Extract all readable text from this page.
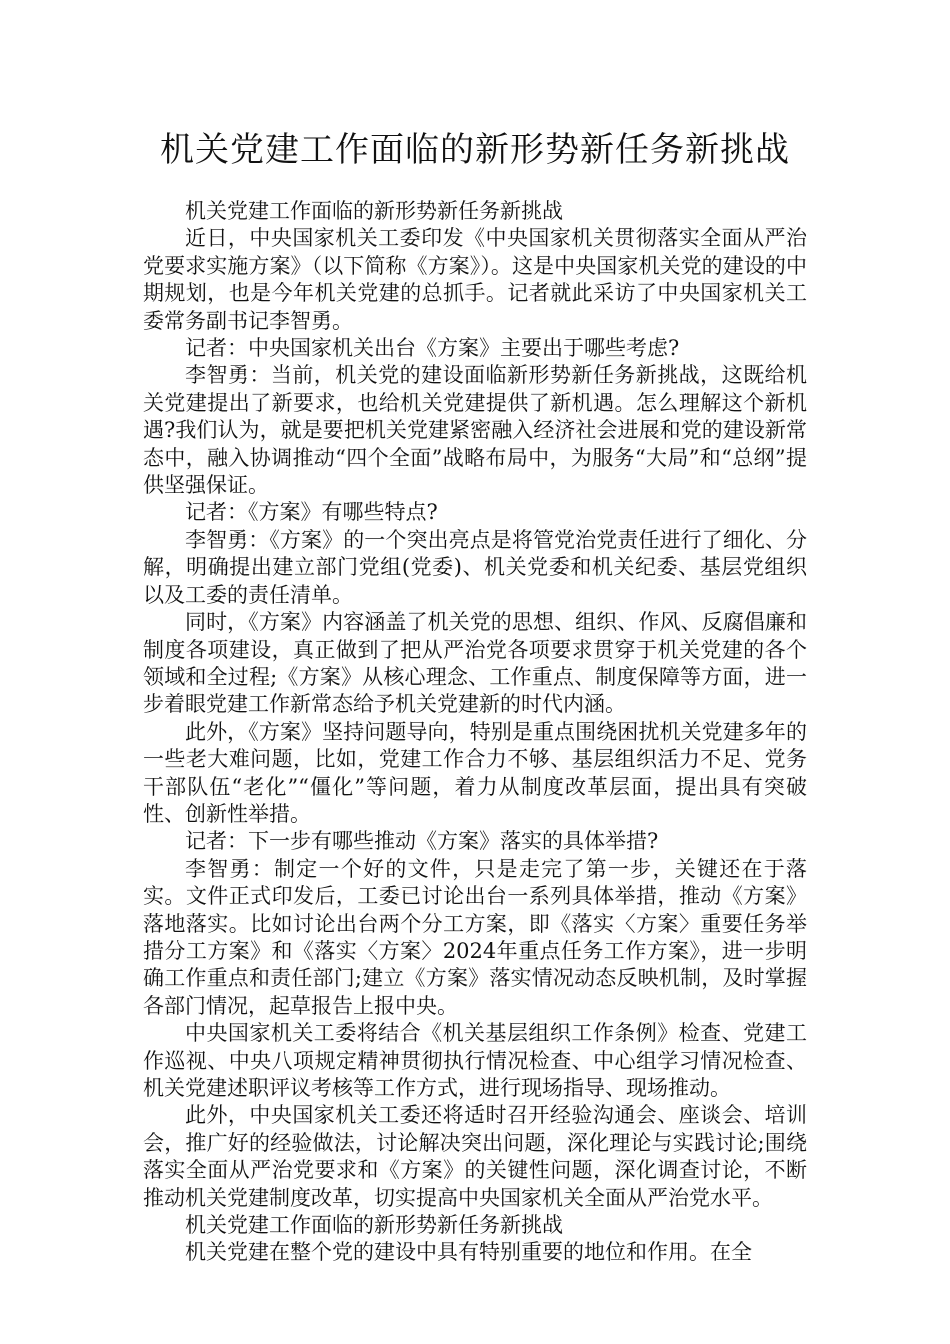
机关党建工作面临的新形势新任务新挑战

机关党建工作面临的新形势新任务新挑战

近日，中央国家机关工委印发《中央国家机关贯彻落实全面从严治党要求实施方案》（以下简称《方案》）。这是中央国家机关党的建设的中期规划，也是今年机关党建的总抓手。记者就此采访了中央国家机关工委常务副书记李智勇。

记者：中央国家机关出台《方案》主要出于哪些考虑?

李智勇：当前，机关党的建设面临新形势新任务新挑战，这既给机关党建提出了新要求，也给机关党建提供了新机遇。怎么理解这个新机遇?我们认为，就是要把机关党建紧密融入经济社会进展和党的建设新常态中，融入协调推动“四个全面”战略布局中，为服务“大局”和“总纲”提供坚强保证。

记者：《方案》有哪些特点?

李智勇：《方案》的一个突出亮点是将管党治党责任进行了细化、分解，明确提出建立部门党组(党委)、机关党委和机关纪委、基层党组织以及工委的责任清单。

同时，《方案》内容涵盖了机关党的思想、组织、作风、反腐倡廉和制度各项建设，真正做到了把从严治党各项要求贯穿于机关党建的各个领域和全过程;《方案》从核心理念、工作重点、制度保障等方面，进一步着眼党建工作新常态给予机关党建新的时代内涵。

此外，《方案》坚持问题导向，特别是重点围绕困扰机关党建多年的一些老大难问题，比如，党建工作合力不够、基层组织活力不足、党务干部队伍“老化”“僵化”等问题，着力从制度改革层面，提出具有突破性、创新性举措。

记者：下一步有哪些推动《方案》落实的具体举措?

李智勇：制定一个好的文件，只是走完了第一步，关键还在于落实。文件正式印发后，工委已讨论出台一系列具体举措，推动《方案》落地落实。比如讨论出台两个分工方案，即《落实〈方案〉重要任务举措分工方案》和《落实〈方案〉2024年重点任务工作方案》，进一步明确工作重点和责任部门;建立《方案》落实情况动态反映机制，及时掌握各部门情况，起草报告上报中央。

中央国家机关工委将结合《机关基层组织工作条例》检查、党建工作巡视、中央八项规定精神贯彻执行情况检查、中心组学习情况检查、机关党建述职评议考核等工作方式，进行现场指导、现场推动。

此外，中央国家机关工委还将适时召开经验沟通会、座谈会、培训会，推广好的经验做法，讨论解决突出问题，深化理论与实践讨论;围绕落实全面从严治党要求和《方案》的关键性问题，深化调查讨论，不断推动机关党建制度改革，切实提高中央国家机关全面从严治党水平。

机关党建工作面临的新形势新任务新挑战

机关党建在整个党的建设中具有特别重要的地位和作用。在全
